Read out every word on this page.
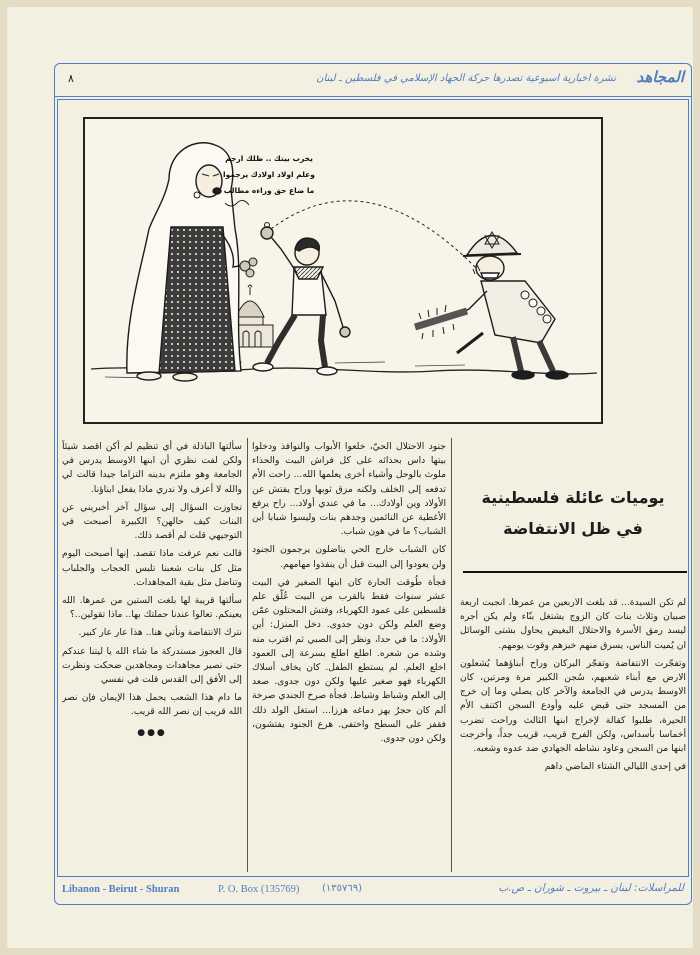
المجاهد
نشرة اخبارية اسبوعية تصدرها حركة الجهاد الإسلامي في فلسطين ـ لبنان
٨
يخرب بيتك .. ظلك ارجم
وعلم اولاد اولادك يرجموا
ما ضاع حق وراءه مطالب
يوميات عائلة فلسطينية
في ظل الانتفاضة

لم تكن السيدة... قد بلغت الاربعين من عمرها. انجبت اربعة صبيان وثلاث بنات كان الزوج يشتغل بنّاء ولم يكن أجره ليسد رمق الأسرة والاحتلال البغيض يحاول بشتى الوسائل ان يُميت الناس، يسرق منهم خبزهم وقوت يومهم.

وتفجّرت الانتفاضة وتفجّر البركان وراح أبناؤهما يُشعلون الارض مع أبناء شعبهم، سُجن الكبير مرة ومرتين، كان الاوسط يدرس في الجامعة والآخر كان يصلي وما إن خرج من المسجد حتى قبض عليه وأودع السجن اكتنف الأم الحيرة، طلبوا كفالة لإخراج ابنها الثالث وراحت تضرب أخماسا بأسداس، ولكن الفرج قريب، قريب جداً، وأخرجت ابنها من السجن وعاود نشاطه الجهادي ضد عدوه وشعبه.

في إحدى الليالي الشتاء الماضي داهم

جنود الاحتلال الحيّ، خلعوا الأبواب والنوافذ ودخلوا بيتها داس بحذائه على كل فراش البيت والحذاء ملوث بالوحل وأشياء أخرى يعلمها الله... راحت الأم تدفعه إلى الخلف ولكنه مزق ثوبها وراح يفتش عن الأولاد وين أولادك... ما في عندي أولاد... راح يرفع الأغطية عن النائمين وجدهم بنات وليسوا شبابا أين الشباب؟ ما في هون شباب.

كان الشباب خارج الحي يناضلون يرجمون الجنود ولن يعودوا إلى البيت قبل أن ينفذوا مهامهم.

فجأة طُوقت الحارة كان ابنها الصغير في البيت عشر سنوات فقط بالقرب من البيت عُلّق علم فلسطين على عمود الكهرباء، وفتش المحتلون عمّن وضع العلم ولكن دون جدوى. دخل المنزل: أين الأولاد: ما في حدا، ونظر إلى الصبي ثم اقترب منه وشده من شعره. اطلع اطلع بسرعة إلى العمود اخلع العلم. لم يستطع الطفل. كان يخاف أسلاك الكهرباء فهو صغير عليها ولكن دون جدوى. صعد إلى العلم وشباط وشباط. فجأة صرخ الجندي صرخة ألم كان حجرٌ يهز دماغه هززا... استغل الولد ذلك فقفز على السطح واختفى. هرع الجنود يفتشون، ولكن دون جدوى.

سألتها الباذلة في أي تنظيم لم أكن اقصد شيئاً ولكن لفت نظري أن ابنها الاوسط يدرس في الجامعة وهو ملتزم بدينه التزاما جيدا قالت لي والله لا أعرف ولا ندري ماذا يفعل ابناؤنا.

تجاوزت السؤال إلى سؤال آخر أخبريني عن البنات كيف حالهن؟ الكبيرة أصبحت في التوجيهي قلت لم أقصد ذلك.

قالت نعم عرفت ماذا تقصد. إنها أصبحت اليوم مثل كل بنات شعبنا تلبس الحجاب والجلباب وتناضل مثل بقية المجاهدات.

سألتها قريبة لها بلغت الستين من عمرها. الله يعينكم. تعالوا عندنا حملتك بها.. ماذا تقولين..؟

نترك الانتفاضة ونأتي هنا.. هذا عار عار كبير.

قال العجوز مستدركة ما شاء الله يا ليتنا عندكم حتى نصير مجاهدات ومجاهدين ضحكت ونظرت إلى الأفق إلى القدس قلت في نفسي

ما دام هذا الشعب يحمل هذا الإيمان فإن نصر الله قريب إن نصر الله قريب.

●●●
Libanon - Beirut - Shuran	P. O. Box (135769) (١٣٥٧٦٩)	للمراسلات: لبنان ـ بيروت ـ شوران ـ ص.ب
